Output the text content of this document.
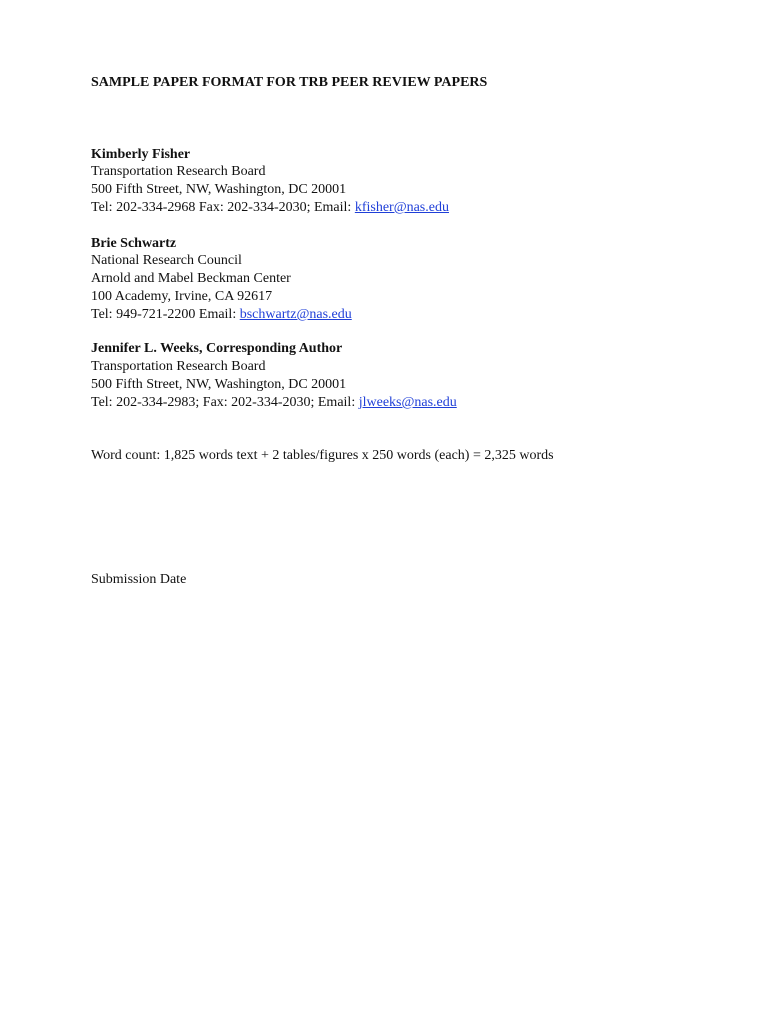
SAMPLE PAPER FORMAT FOR TRB PEER REVIEW PAPERS
Kimberly Fisher
Transportation Research Board
500 Fifth Street, NW, Washington, DC 20001
Tel: 202-334-2968 Fax: 202-334-2030; Email: kfisher@nas.edu
Brie Schwartz
National Research Council
Arnold and Mabel Beckman Center
100 Academy, Irvine, CA 92617
Tel: 949-721-2200 Email: bschwartz@nas.edu
Jennifer L. Weeks, Corresponding Author
Transportation Research Board
500 Fifth Street, NW, Washington, DC 20001
Tel: 202-334-2983; Fax: 202-334-2030; Email: jlweeks@nas.edu
Word count: 1,825 words text + 2 tables/figures x 250 words (each) = 2,325 words
Submission Date
